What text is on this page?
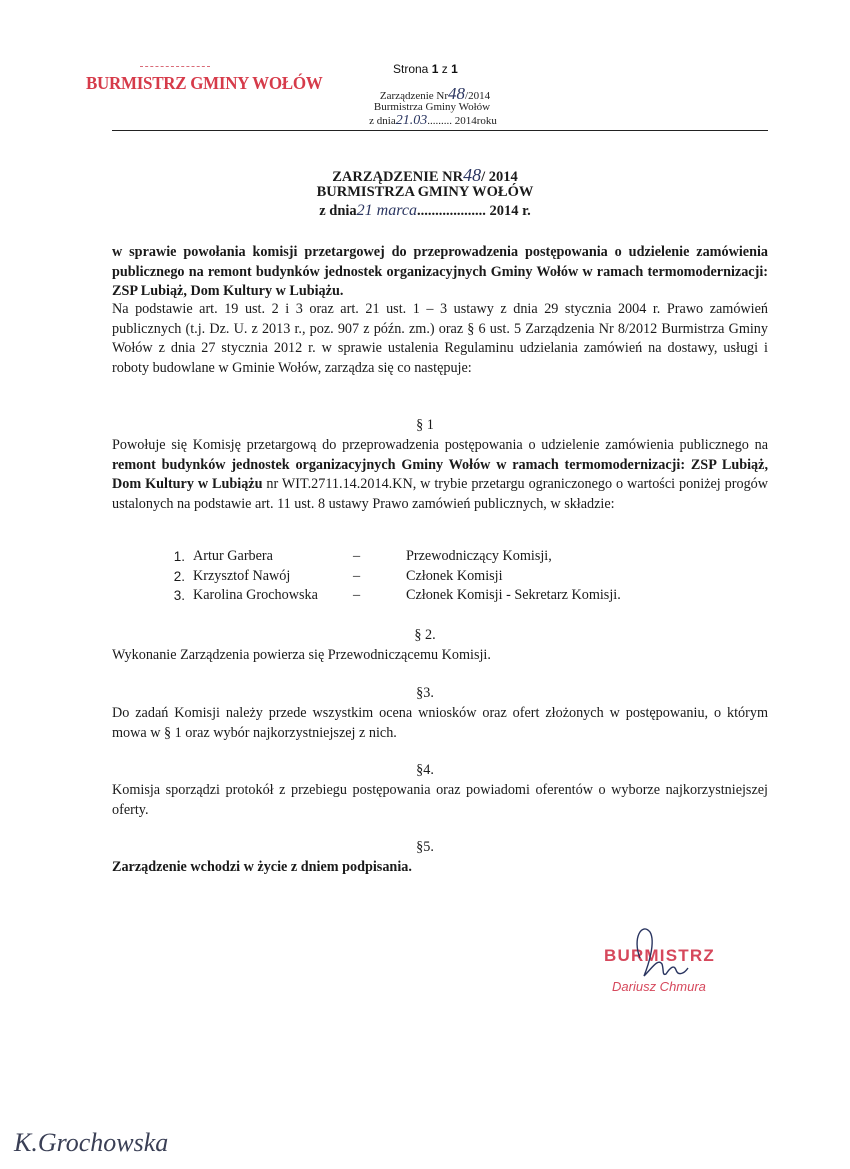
BURMISTRZ GMINY WOŁÓW
Strona 1 z 1
Zarządzenie Nr48/2014
Burmistrza Gminy Wołów
z dnia21.03......... 2014roku
ZARZĄDZENIE NR48/ 2014
BURMISTRZA GMINY WOŁÓW
z dnia21 marca................... 2014 r.
w sprawie powołania komisji przetargowej do przeprowadzenia postępowania o udzielenie zamówienia publicznego na remont budynków jednostek organizacyjnych Gminy Wołów w ramach termomodernizacji: ZSP Lubiąż, Dom Kultury w Lubiążu.
Na podstawie art. 19 ust. 2 i 3 oraz art. 21 ust. 1 – 3 ustawy z dnia 29 stycznia 2004 r. Prawo zamówień publicznych (t.j. Dz. U. z 2013 r., poz. 907 z późn. zm.) oraz § 6 ust. 5 Zarządzenia Nr 8/2012 Burmistrza Gminy Wołów z dnia 27 stycznia 2012 r. w sprawie ustalenia Regulaminu udzielania zamówień na dostawy, usługi i roboty budowlane w Gminie Wołów, zarządza się co następuje:
§ 1
Powołuje się Komisję przetargową do przeprowadzenia postępowania o udzielenie zamówienia publicznego na remont budynków jednostek organizacyjnych Gminy Wołów w ramach termomodernizacji: ZSP Lubiąż, Dom Kultury w Lubiążu nr WIT.2711.14.2014.KN, w trybie przetargu ograniczonego o wartości poniżej progów ustalonych na podstawie art. 11 ust. 8 ustawy Prawo zamówień publicznych, w składzie:
1. Artur Garbera	–	Przewodniczący Komisji,
2. Krzysztof Nawój	–	Członek Komisji
3. Karolina Grochowska	–	Członek Komisji - Sekretarz Komisji.
§ 2.
Wykonanie Zarządzenia powierza się Przewodniczącemu Komisji.
§3.
Do zadań Komisji należy przede wszystkim ocena wniosków oraz ofert złożonych w postępowaniu, o którym mowa w § 1 oraz wybór najkorzystniejszej z nich.
§4.
Komisja sporządzi protokół z przebiegu postępowania oraz powiadomi oferentów o wyborze najkorzystniejszej oferty.
§5.
Zarządzenie wchodzi w życie z dniem podpisania.
BURMISTRZ
Dariusz Chmura
K.Grochowska
